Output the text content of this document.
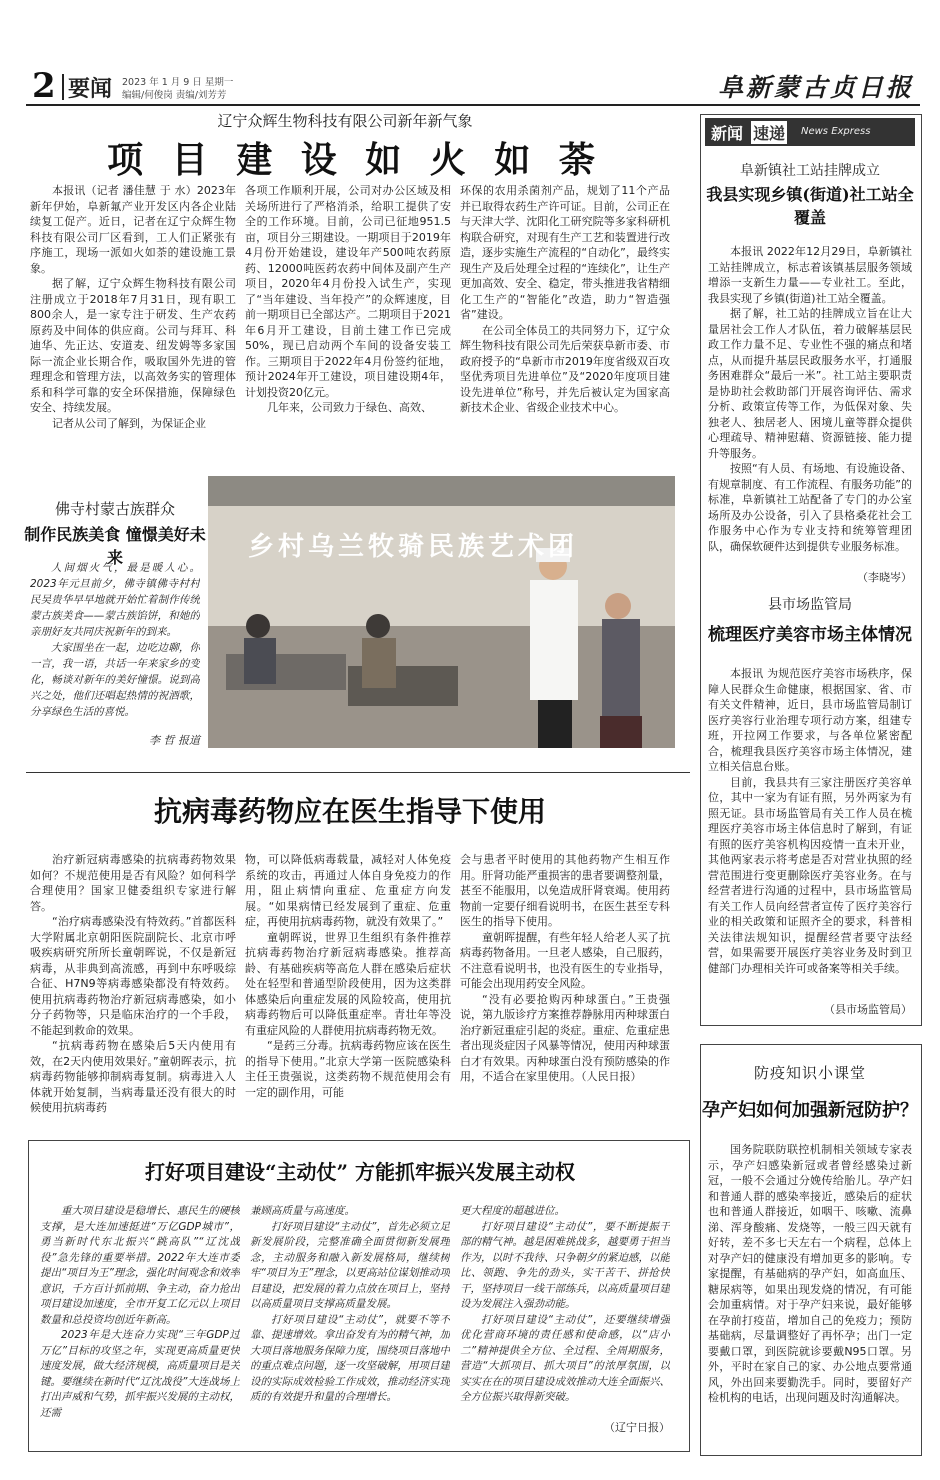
2 要闻 2023 年 1 月 9 日 星期一
编辑/何俊岗 责编/刘芳芳	阜新蒙古贞日报
辽宁众辉生物科技有限公司新年新气象
项 目 建 设 如 火 如 荼

本报讯（记者 潘佳慧 于 水）2023年新年伊始，阜新氟产业开发区内各企业陆续复工促产。近日，记者在辽宁众辉生物科技有限公司厂区看到，工人们正紧张有序施工，现场一派如火如荼的建设施工景象。

据了解，辽宁众辉生物科技有限公司注册成立于2018年7月31日，现有职工800余人，是一家专注于研发、生产农药原药及中间体的供应商。公司与拜耳、科迪华、先正达、安道麦、纽发姆等多家国际一流企业长期合作，吸取国外先进的管理理念和管理方法，以高效务实的管理体系和科学可靠的安全环保措施，保障绿色安全、持续发展。

记者从公司了解到，为保证企业

各项工作顺利开展，公司对办公区域及相关场所进行了严格消杀，给职工提供了安全的工作环境。目前，公司已征地951.5亩，项目分三期建设。一期项目于2019年4月份开始建设，建设年产500吨农药原药、12000吨医药农药中间体及副产生产项目，2020年4月份投入试生产，实现了“当年建设、当年投产”的众辉速度，目前一期项目已全部达产。二期项目于2021年6月开工建设，目前土建工作已完成50%，现已启动两个车间的设备安装工作。三期项目于2022年4月份签约征地，预计2024年开工建设，项目建设期4年，计划投资20亿元。

几年来，公司致力于绿色、高效、

环保的农用杀菌剂产品，规划了11个产品并已取得农药生产许可证。目前，公司正在与天津大学、沈阳化工研究院等多家科研机构联合研究，对现有生产工艺和装置进行改造，逐步实施生产流程的“自动化”，最终实现生产及后处理全过程的“连续化”，让生产更加高效、安全、稳定，带头推进我省精细化工生产的“智能化”改造，助力“智造强省”建设。

在公司全体员工的共同努力下，辽宁众辉生物科技有限公司先后荣获阜新市委、市政府授予的“阜新市市2019年度省级双百攻坚优秀项目先进单位”及“2020年度项目建设先进单位”称号，并先后被认定为国家高新技术企业、省级企业技术中心。

佛寺村蒙古族群众
制作民族美食 憧憬美好未来

人间烟火气，最是暖人心。2023年元旦前夕，佛寺镇佛寺村村民吴贵华早早地就开始忙着制作传统蒙古族美食——蒙古族馅饼，和她的亲朋好友共同庆祝新年的到来。

大家围坐在一起，边吃边聊，你一言，我一语，共话一年来家乡的变化，畅谈对新年的美好憧憬。说到高兴之处，他们还唱起热情的祝酒歌，分享绿色生活的喜悦。

李 哲 报道
乡村乌兰牧骑民族艺术团
抗病毒药物应在医生指导下使用

治疗新冠病毒感染的抗病毒药物效果如何？不规范使用是否有风险？如何科学合理使用？国家卫健委组织专家进行解答。

“治疗病毒感染没有特效药。”首都医科大学附属北京朝阳医院副院长、北京市呼吸疾病研究所所长童朝晖说，不仅是新冠病毒，从非典到高流感，再到中东呼吸综合征、H7N9等病毒感染都没有特效药。使用抗病毒药物治疗新冠病毒感染，如小分子药物等，只是临床治疗的一个手段，不能起到救命的效果。

“抗病毒药物在感染后5天内使用有效，在2天内使用效果好。”童朝晖表示，抗病毒药物能够抑制病毒复制。病毒进入人体就开始复制，当病毒量还没有很大的时候使用抗病毒药

物，可以降低病毒载量，减轻对人体免疫系统的攻击，再通过人体自身免疫力的作用，阻止病情向重症、危重症方向发展。“如果病情已经发展到了重症、危重症，再使用抗病毒药物，就没有效果了。”

童朝晖说，世界卫生组织有条件推荐抗病毒药物治疗新冠病毒感染。推荐高龄、有基础疾病等高危人群在感染后症状处在轻型和普通型阶段使用，因为这类群体感染后向重症发展的风险较高，使用抗病毒药物后可以降低重症率。青壮年等没有重症风险的人群使用抗病毒药物无效。

“是药三分毒。抗病毒药物应该在医生的指导下使用。”北京大学第一医院感染科主任王贵强说，这类药物不规范使用会有一定的副作用，可能

会与患者平时使用的其他药物产生相互作用。肝肾功能严重损害的患者要调整剂量，甚至不能服用，以免造成肝肾衰竭。使用药物前一定要仔细看说明书，在医生甚至专科医生的指导下使用。

童朝晖提醒，有些年轻人给老人买了抗病毒药物备用。一旦老人感染，自己服药，不注意看说明书，也没有医生的专业指导，可能会出现用药安全风险。

“没有必要抢购丙种球蛋白。”王贵强说，第九版诊疗方案推荐静脉用丙种球蛋白治疗新冠重症引起的炎症。重症、危重症患者出现炎症因子风暴等情况，使用丙种球蛋白才有效果。丙种球蛋白没有预防感染的作用，不适合在家里使用。（人民日报）

打好项目建设“主动仗” 方能抓牢振兴发展主动权

重大项目建设是稳增长、惠民生的硬核支撑，是大连加速挺进“万亿GDP城市”，勇当新时代东北振兴“跳高队”“辽沈战役”急先锋的重要举措。2022年大连市委提出“项目为王”理念，强化时间观念和效率意识，千方百计抓前期、争主动，奋力抢出项目建设加速度，全市开复工亿元以上项目数量和总投资均创近年新高。

2023年是大连奋力实现“三年GDP过万亿”目标的攻坚之年，实现更高质量更快速度发展，做大经济规模，高质量项目是关键。要继续在新时代“辽沈战役”大连战场上打出声威和气势，抓牢振兴发展的主动权，还需

兼顾高质量与高速度。

打好项目建设“主动仗”，首先必须立足新发展阶段，完整准确全面贯彻新发展理念，主动服务和融入新发展格局，继续树牢“项目为王”理念，以更高站位谋划推动项目建设，把发展的着力点放在项目上，坚持以高质量项目支撑高质量发展。

打好项目建设“主动仗”，就要不等不靠、提速增效。拿出奋发有为的精气神，加大项目落地服务保障力度，围绕项目落地中的重点难点问题，逐一攻坚破解，用项目建设的实际成效检验工作成效，推动经济实现质的有效提升和量的合理增长。

更大程度的超越进位。

打好项目建设“主动仗”，要不断提振干部的精气神。越是困难挑战多，越要勇于担当作为，以时不我待、只争朝夕的紧迫感，以能比、领跑、争先的劲头，实干苦干、拼抢快干，坚持项目一线干部练兵，以高质量项目建设为发展注入强劲动能。

打好项目建设“主动仗”，还要继续增强优化营商环境的责任感和使命感，以“店小二”精神提供全方位、全过程、全周期服务，营造“大抓项目、抓大项目”的浓厚氛围，以实实在在的项目建设成效推动大连全面振兴、全方位振兴取得新突破。

（辽宁日报）
新闻 速递 News Express
阜新镇社工站挂牌成立
我县实现乡镇(街道)社工站全覆盖

本报讯 2022年12月29日，阜新镇社工站挂牌成立，标志着该镇基层服务领域增添一支新生力量——专业社工。至此，我县实现了乡镇(街道)社工站全覆盖。

据了解，社工站的挂牌成立旨在让大量居社会工作人才队伍，着力破解基层民政工作力量不足、专业性不强的痛点和堵点，从而提升基层民政服务水平，打通服务困难群众“最后一米”。社工站主要职责是协助社会救助部门开展咨询评估、需求分析、政策宣传等工作，为低保对象、失独老人、独居老人、困境儿童等群众提供心理疏导、精神慰藉、资源链接、能力提升等服务。

按照“有人员、有场地、有设施设备、有规章制度、有工作流程、有服务功能”的标准，阜新镇社工站配备了专门的办公室场所及办公设备，引入了县格桑花社会工作服务中心作为专业支持和统筹管理团队，确保软硬件达到提供专业服务标准。

（李晓岑）
县市场监管局
梳理医疗美容市场主体情况

本报讯 为规范医疗美容市场秩序，保障人民群众生命健康，根据国家、省、市有关文件精神，近日，县市场监管局制订医疗美容行业治理专项行动方案，组建专班，开拉网工作要求，与各单位紧密配合，梳理我县医疗美容市场主体情况，建立相关信息台账。

目前，我县共有三家注册医疗美容单位，其中一家为有证有照，另外两家为有照无证。县市场监管局有关工作人员在梳理医疗美容市场主体信息时了解到，有证有照的医疗美容机构因疫情一直未开业，其他两家表示将考虑是否对营业执照的经营范围进行变更删除医疗美容业务。在与经营者进行沟通的过程中，县市场监管局有关工作人员向经营者宣传了医疗美容行业的相关政策和证照齐全的要求，科普相关法律法规知识，提醒经营者要守法经营，如果需要开展医疗美容业务及时到卫健部门办理相关许可或备案等相关手续。

（县市场监管局）
防疫知识小课堂
孕产妇如何加强新冠防护？

国务院联防联控机制相关领域专家表示，孕产妇感染新冠或者曾经感染过新冠，一般不会通过分娩传给胎儿。孕产妇和普通人群的感染率接近，感染后的症状也和普通人群接近，如咽干、咳嗽、流鼻涕、浑身酸痛、发烧等，一般三四天就有好转，差不多七天左右一个病程，总体上对孕产妇的健康没有增加更多的影响。专家提醒，有基础病的孕产妇，如高血压、糖尿病等，如果出现发烧的情况，有可能会加重病情。对于孕产妇来说，最好能够在孕前打疫苗，增加自己的免疫力；预防基础病，尽量调整好了再怀孕；出门一定要戴口罩，到医院就诊要戴N95口罩。另外，平时在家自己的家、办公地点要常通风，外出回来要勤洗手。同时，要留好产检机构的电话，出现问题及时沟通解决。
